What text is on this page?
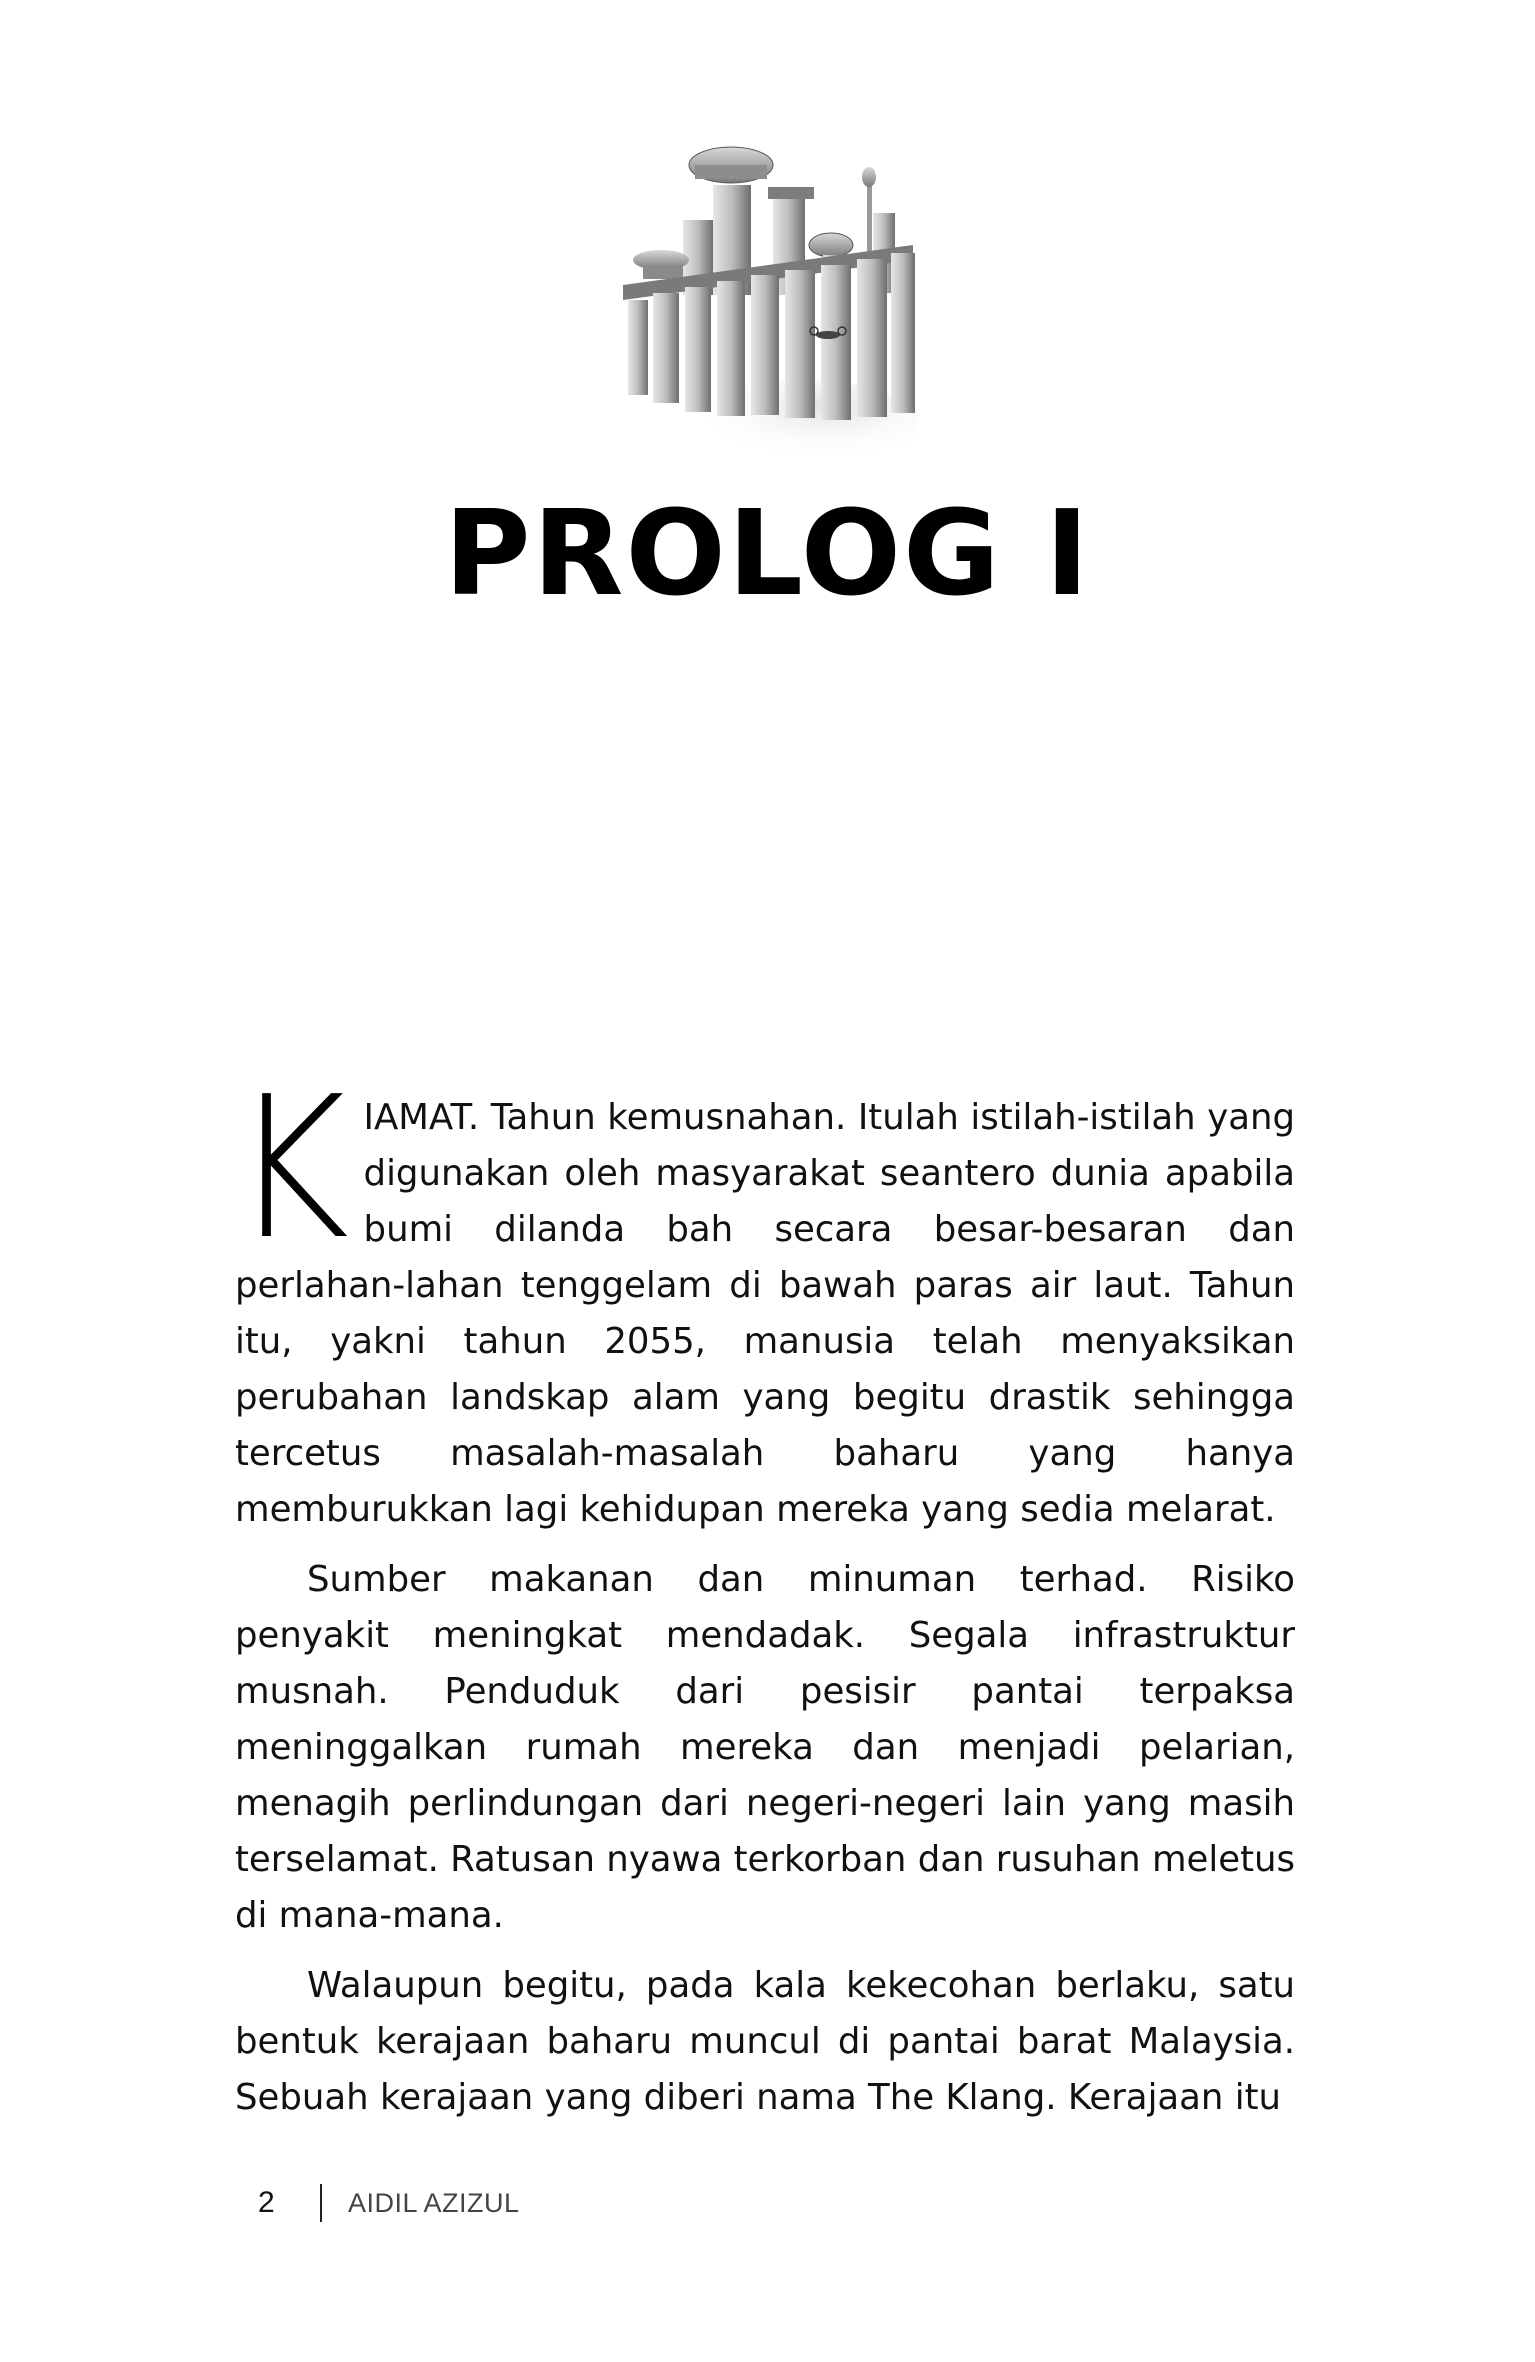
PROLOG I

KIAMAT. Tahun kemusnahan. Itulah istilah-istilah yang digunakan oleh masyarakat seantero dunia apabila bumi dilanda bah secara besar-besaran dan perlahan-lahan tenggelam di bawah paras air laut. Tahun itu, yakni tahun 2055, manusia telah menyaksikan perubahan landskap alam yang begitu drastik sehingga tercetus masalah-masalah baharu yang hanya memburukkan lagi kehidupan mereka yang sedia melarat.

Sumber makanan dan minuman terhad. Risiko penyakit meningkat mendadak. Segala infrastruktur musnah. Penduduk dari pesisir pantai terpaksa meninggalkan rumah mereka dan menjadi pelarian, menagih perlindungan dari negeri-negeri lain yang masih terselamat. Ratusan nyawa terkorban dan rusuhan meletus di mana-mana.

Walaupun begitu, pada kala kekecohan berlaku, satu bentuk kerajaan baharu muncul di pantai barat Malaysia. Sebuah kerajaan yang diberi nama The Klang. Kerajaan itu

2	AIDIL AZIZUL
